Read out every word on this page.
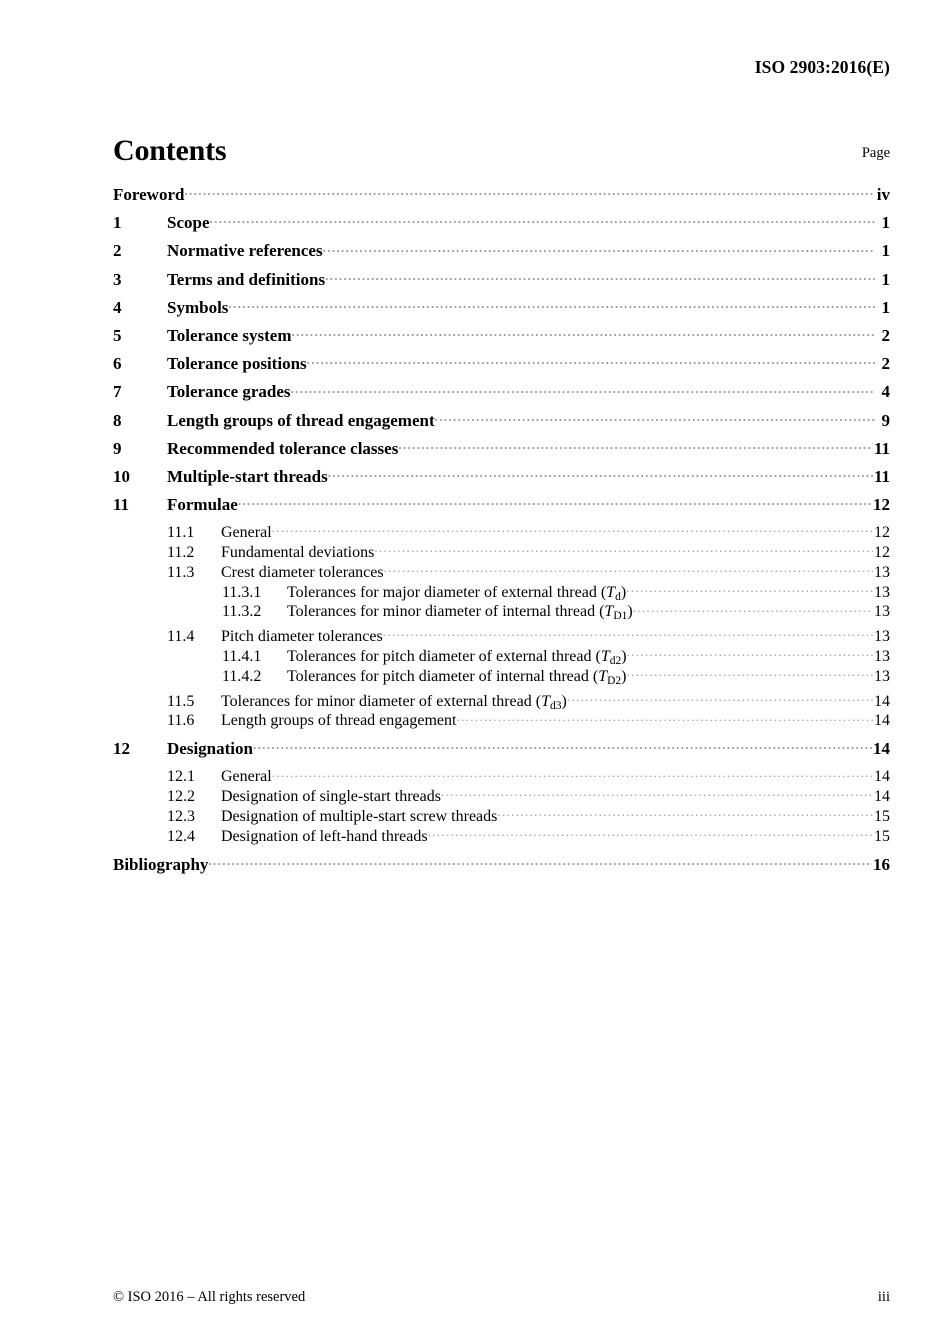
ISO 2903:2016(E)
Contents	Page
Foreword .....	iv
1	Scope .....	1
2	Normative references .....	1
3	Terms and definitions .....	1
4	Symbols .....	1
5	Tolerance system .....	2
6	Tolerance positions .....	2
7	Tolerance grades .....	4
8	Length groups of thread engagement .....	9
9	Recommended tolerance classes .....	11
10	Multiple-start threads .....	11
11	Formulae .....	12
11.1	General .....	12
11.2	Fundamental deviations .....	12
11.3	Crest diameter tolerances .....	13
11.3.1	Tolerances for major diameter of external thread $(T_d)$ .....	13
11.3.2	Tolerances for minor diameter of internal thread $(T_{D1})$ .....	13
11.4	Pitch diameter tolerances .....	13
11.4.1	Tolerances for pitch diameter of external thread $(T_{d2})$ .....	13
11.4.2	Tolerances for pitch diameter of internal thread $(T_{D2})$ .....	13
11.5	Tolerances for minor diameter of external thread $(T_{d3})$ .....	14
11.6	Length groups of thread engagement .....	14
12	Designation .....	14
12.1	General .....	14
12.2	Designation of single-start threads .....	14
12.3	Designation of multiple-start screw threads .....	15
12.4	Designation of left-hand threads .....	15
Bibliography .....	16
© ISO 2016 – All rights reserved	iii
